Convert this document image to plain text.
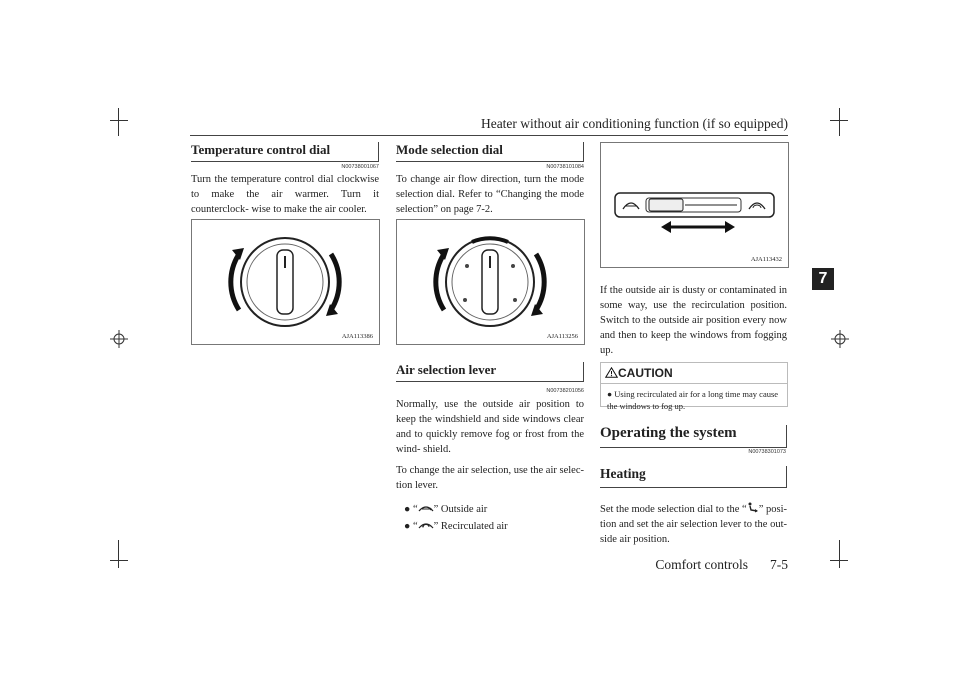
Heater without air conditioning function (if so equipped)
7
Temperature control dial
N00738001067
Turn the temperature control dial clockwise to make the air warmer. Turn it counterclock- wise to make the air cooler.
AJA113386
Mode selection dial
N00738101084
To change air flow direction, turn the mode selection dial. Refer to “Changing the mode selection” on page 7-2.
AJA113256
Air selection lever
N00738201056
Normally, use the outside air position to keep the windshield and side windows clear and to quickly remove fog or frost from the wind- shield.
To change the air selection, use the air selec- tion lever.
● “ ” Outside air
● “ ” Recirculated air
AJA113432
If the outside air is dusty or contaminated in some way, use the recirculation position. Switch to the outside air position every now and then to keep the windows from fogging up.
CAUTION
● Using recirculated air for a long time may cause the windows to fog up.
Operating the system
N00738301073
Heating
Set the mode selection dial to the “ ” posi- tion and set the air selection lever to the out- side air position.
Comfort controls 7-5
